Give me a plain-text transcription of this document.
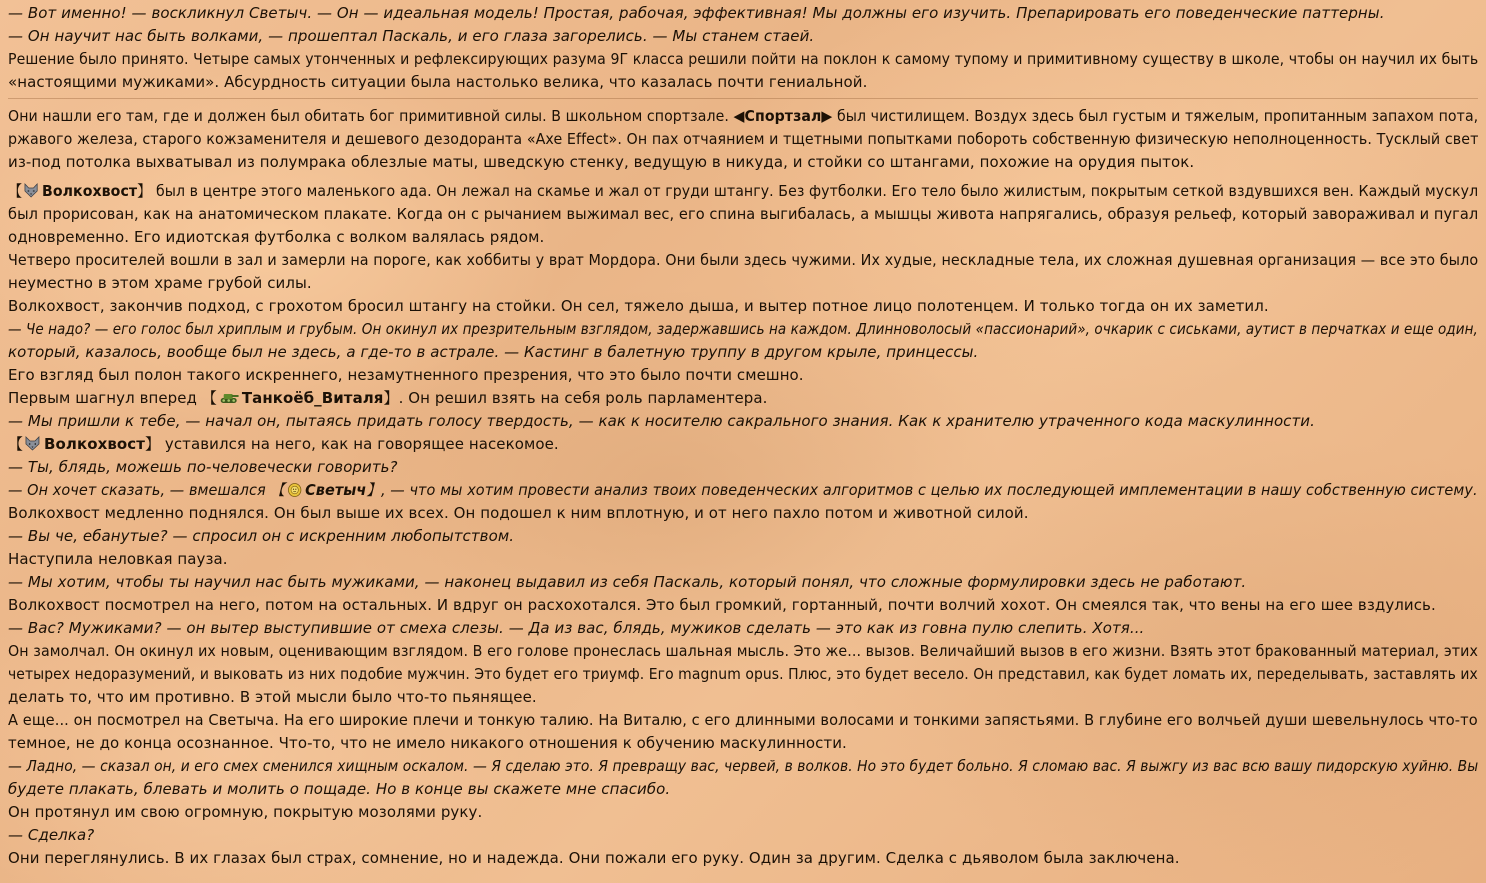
— Вот именно! — воскликнул Светыч. — Он — идеальная модель! Простая, рабочая, эффективная! Мы должны его изучить. Препарировать его поведенческие паттерны.
— Он научит нас быть волками, — прошептал Паскаль, и его глаза загорелись. — Мы станем стаей.
Решение было принято. Четыре самых утонченных и рефлексирующих разума 9Г класса решили пойти на поклон к самому тупому и примитивному существу в школе, чтобы он научил их быть
«настоящими мужиками». Абсурдность ситуации была настолько велика, что казалась почти гениальной.
Они нашли его там, где и должен был обитать бог примитивной силы. В школьном спортзале. ◀Спортзал▶ был чистилищем. Воздух здесь был густым и тяжелым, пропитанным запахом пота,
ржавого железа, старого кожзаменителя и дешевого дезодоранта «Axe Effect». Он пах отчаянием и тщетными попытками побороть собственную физическую неполноценность. Тусклый свет
из-под потолка выхватывал из полумрака облезлые маты, шведскую стенку, ведущую в никуда, и стойки со штангами, похожие на орудия пыток.
【 Волкохвост】 был в центре этого маленького ада. Он лежал на скамье и жал от груди штангу. Без футболки. Его тело было жилистым, покрытым сеткой вздувшихся вен. Каждый мускул
был прорисован, как на анатомическом плакате. Когда он с рычанием выжимал вес, его спина выгибалась, а мышцы живота напрягались, образуя рельеф, который завораживал и пугал
одновременно. Его идиотская футболка с волком валялась рядом.
Четверо просителей вошли в зал и замерли на пороге, как хоббиты у врат Мордора. Они были здесь чужими. Их худые, нескладные тела, их сложная душевная организация — все это было
неуместно в этом храме грубой силы.
Волкохвост, закончив подход, с грохотом бросил штангу на стойки. Он сел, тяжело дыша, и вытер потное лицо полотенцем. И только тогда он их заметил.
— Че надо? — его голос был хриплым и грубым. Он окинул их презрительным взглядом, задержавшись на каждом. Длинноволосый «пассионарий», очкарик с сиськами, аутист в перчатках и еще один,
который, казалось, вообще был не здесь, а где-то в астрале. — Кастинг в балетную труппу в другом крыле, принцессы.
Его взгляд был полон такого искреннего, незамутненного презрения, что это было почти смешно.
Первым шагнул вперед 【 Танкоёб_Виталя】. Он решил взять на себя роль парламентера.
— Мы пришли к тебе, — начал он, пытаясь придать голосу твердость, — как к носителю сакрального знания. Как к хранителю утраченного кода маскулинности.
【 Волкохвост】 уставился на него, как на говорящее насекомое.
— Ты, блядь, можешь по-человечески говорить?
— Он хочет сказать, — вмешался 【 Светыч】, — что мы хотим провести анализ твоих поведенческих алгоритмов с целью их последующей имплементации в нашу собственную систему.
Волкохвост медленно поднялся. Он был выше их всех. Он подошел к ним вплотную, и от него пахло потом и животной силой.
— Вы че, ебанутые? — спросил он с искренним любопытством.
Наступила неловкая пауза.
— Мы хотим, чтобы ты научил нас быть мужиками, — наконец выдавил из себя Паскаль, который понял, что сложные формулировки здесь не работают.
Волкохвост посмотрел на него, потом на остальных. И вдруг он расхохотался. Это был громкий, гортанный, почти волчий хохот. Он смеялся так, что вены на его шее вздулись.
— Вас? Мужиками? — он вытер выступившие от смеха слезы. — Да из вас, блядь, мужиков сделать — это как из говна пулю слепить. Хотя...
Он замолчал. Он окинул их новым, оценивающим взглядом. В его голове пронеслась шальная мысль. Это же... вызов. Величайший вызов в его жизни. Взять этот бракованный материал, этих
четырех недоразумений, и выковать из них подобие мужчин. Это будет его триумф. Его magnum opus. Плюс, это будет весело. Он представил, как будет ломать их, переделывать, заставлять их
делать то, что им противно. В этой мысли было что-то пьянящее.
А еще... он посмотрел на Светыча. На его широкие плечи и тонкую талию. На Виталю, с его длинными волосами и тонкими запястьями. В глубине его волчьей души шевельнулось что-то
темное, не до конца осознанное. Что-то, что не имело никакого отношения к обучению маскулинности.
— Ладно, — сказал он, и его смех сменился хищным оскалом. — Я сделаю это. Я превращу вас, червей, в волков. Но это будет больно. Я сломаю вас. Я выжгу из вас всю вашу пидорскую хуйню. Вы
будете плакать, блевать и молить о пощаде. Но в конце вы скажете мне спасибо.
Он протянул им свою огромную, покрытую мозолями руку.
— Сделка?
Они переглянулись. В их глазах был страх, сомнение, но и надежда. Они пожали его руку. Один за другим. Сделка с дьяволом была заключена.
